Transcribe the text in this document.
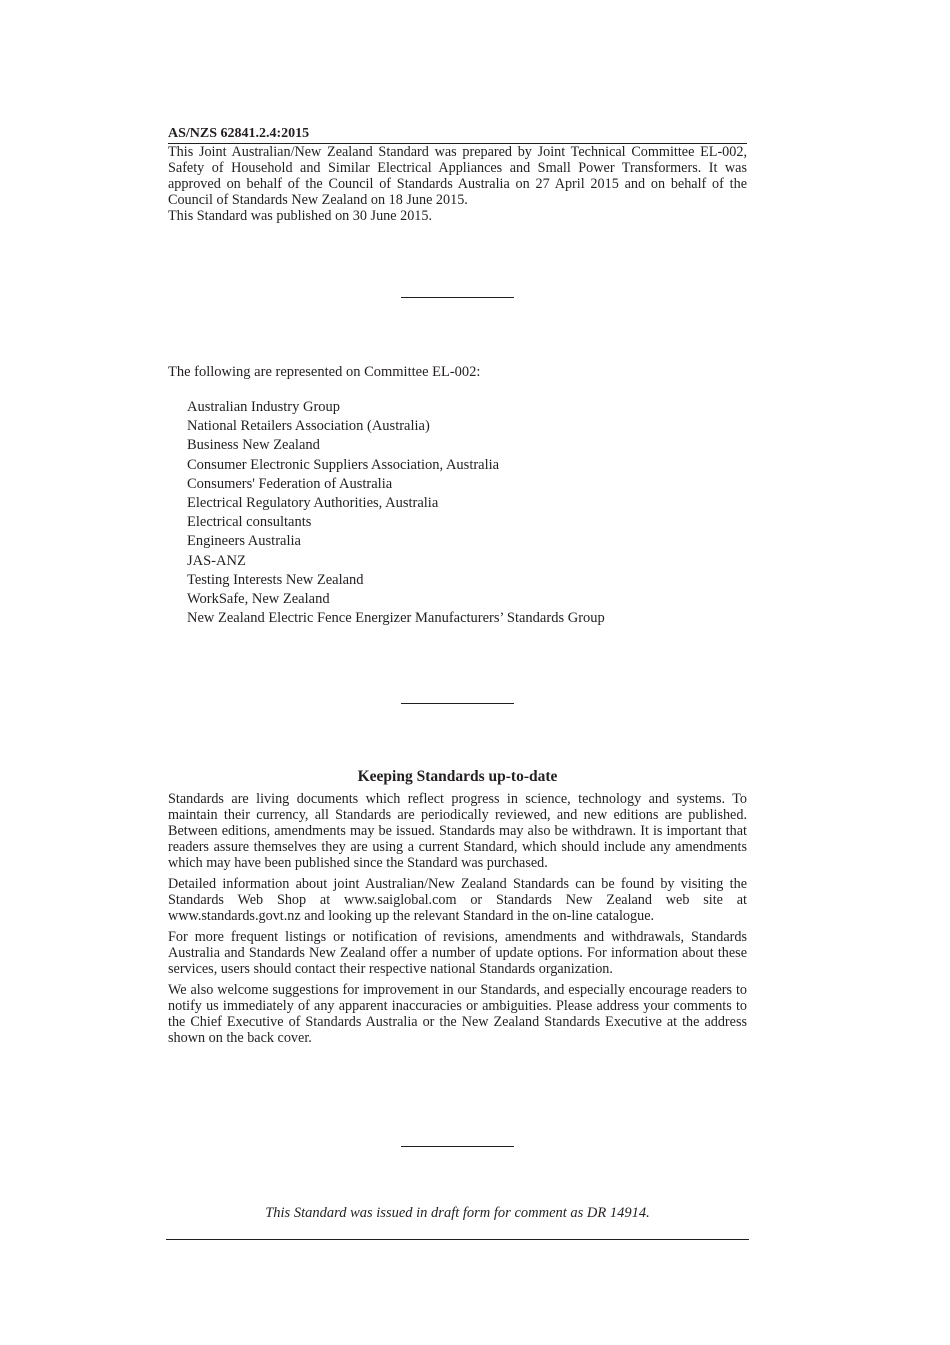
AS/NZS 62841.2.4:2015

This Joint Australian/New Zealand Standard was prepared by Joint Technical Committee EL-002, Safety of Household and Similar Electrical Appliances and Small Power Transformers. It was approved on behalf of the Council of Standards Australia on 27 April 2015 and on behalf of the Council of Standards New Zealand on 18 June 2015.

This Standard was published on 30 June 2015.

The following are represented on Committee EL-002:
Australian Industry Group
National Retailers Association (Australia)
Business New Zealand
Consumer Electronic Suppliers Association, Australia
Consumers' Federation of Australia
Electrical Regulatory Authorities, Australia
Electrical consultants
Engineers Australia
JAS-ANZ
Testing Interests New Zealand
WorkSafe, New Zealand
New Zealand Electric Fence Energizer Manufacturers’ Standards Group
Keeping Standards up-to-date

Standards are living documents which reflect progress in science, technology and systems. To maintain their currency, all Standards are periodically reviewed, and new editions are published. Between editions, amendments may be issued. Standards may also be withdrawn. It is important that readers assure themselves they are using a current Standard, which should include any amendments which may have been published since the Standard was purchased.

Detailed information about joint Australian/New Zealand Standards can be found by visiting the Standards Web Shop at www.saiglobal.com or Standards New Zealand web site at www.standards.govt.nz and looking up the relevant Standard in the on-line catalogue.

For more frequent listings or notification of revisions, amendments and withdrawals, Standards Australia and Standards New Zealand offer a number of update options. For information about these services, users should contact their respective national Standards organization.

We also welcome suggestions for improvement in our Standards, and especially encourage readers to notify us immediately of any apparent inaccuracies or ambiguities. Please address your comments to the Chief Executive of Standards Australia or the New Zealand Standards Executive at the address shown on the back cover.

This Standard was issued in draft form for comment as DR 14914.
